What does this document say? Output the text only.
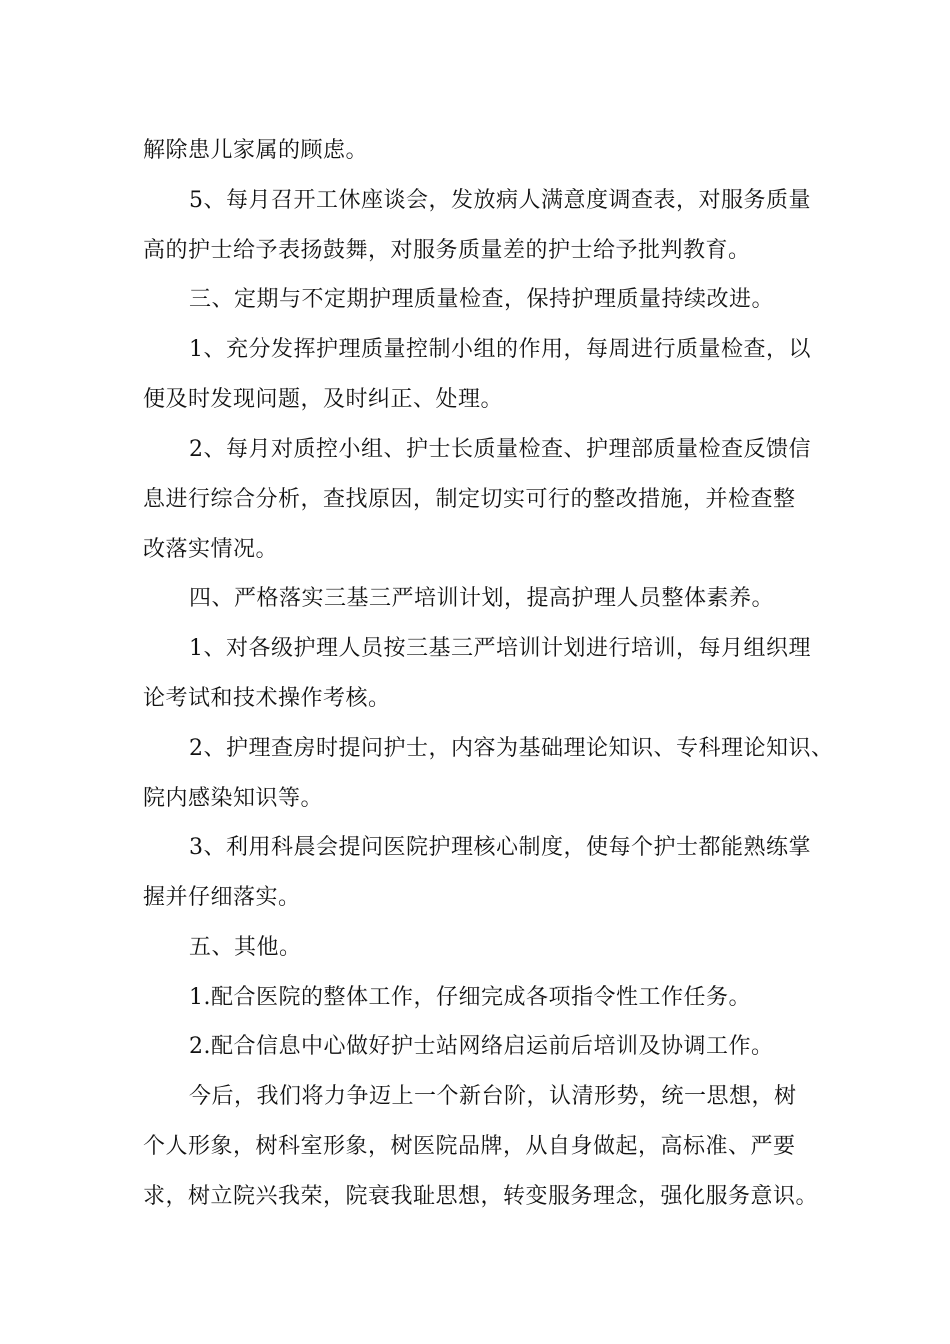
解除患儿家属的顾虑。
5、每月召开工休座谈会，发放病人满意度调查表，对服务质量
高的护士给予表扬鼓舞，对服务质量差的护士给予批判教育。
三、定期与不定期护理质量检查，保持护理质量持续改进。
1、充分发挥护理质量控制小组的作用，每周进行质量检查，以
便及时发现问题，及时纠正、处理。
2、每月对质控小组、护士长质量检查、护理部质量检查反馈信
息进行综合分析，查找原因，制定切实可行的整改措施，并检查整
改落实情况。
四、严格落实三基三严培训计划，提高护理人员整体素养。
1、对各级护理人员按三基三严培训计划进行培训，每月组织理
论考试和技术操作考核。
2、护理查房时提问护士，内容为基础理论知识、专科理论知识、
院内感染知识等。
3、利用科晨会提问医院护理核心制度，使每个护士都能熟练掌
握并仔细落实。
五、其他。
1.配合医院的整体工作，仔细完成各项指令性工作任务。
2.配合信息中心做好护士站网络启运前后培训及协调工作。
今后，我们将力争迈上一个新台阶，认清形势，统一思想，树
个人形象，树科室形象，树医院品牌，从自身做起，高标准、严要
求，树立院兴我荣，院衰我耻思想，转变服务理念，强化服务意识。
